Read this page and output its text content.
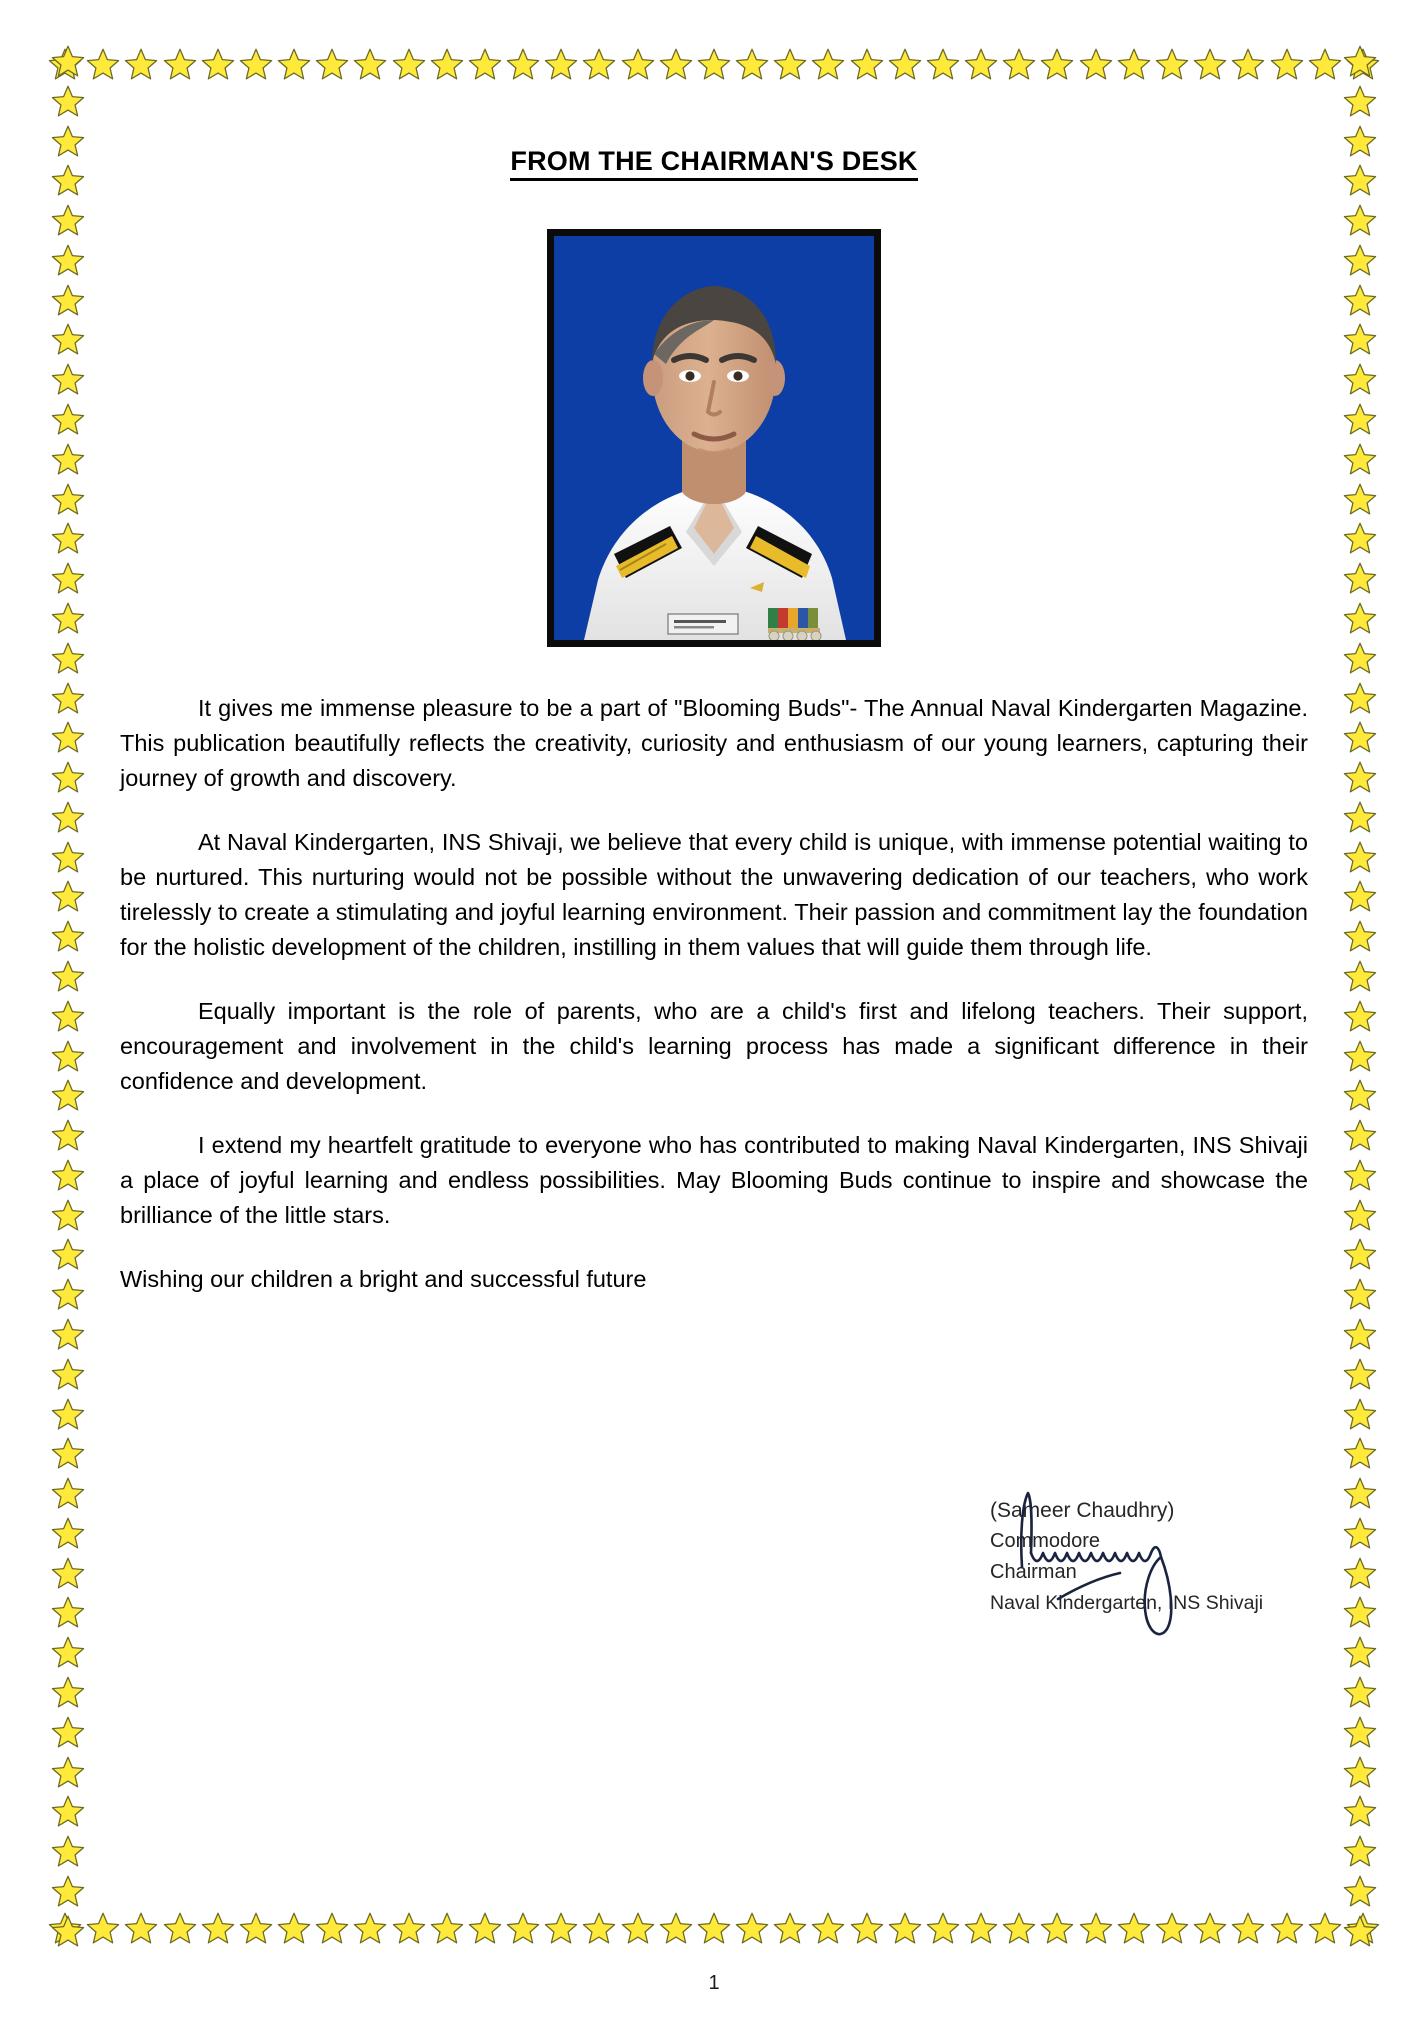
FROM THE CHAIRMAN'S DESK

It gives me immense pleasure to be a part of "Blooming Buds"- The Annual Naval Kindergarten Magazine. This publication beautifully reflects the creativity, curiosity and enthusiasm of our young learners, capturing their journey of growth and discovery.

At Naval Kindergarten, INS Shivaji, we believe that every child is unique, with immense potential waiting to be nurtured. This nurturing would not be possible without the unwavering dedication of our teachers, who work tirelessly to create a stimulating and joyful learning environment. Their passion and commitment lay the foundation for the holistic development of the children, instilling in them values that will guide them through life.

Equally important is the role of parents, who are a child's first and lifelong teachers. Their support, encouragement and involvement in the child's learning process has made a significant difference in their confidence and development.

I extend my heartfelt gratitude to everyone who has contributed to making Naval Kindergarten, INS Shivaji a place of joyful learning and endless possibilities. May Blooming Buds continue to inspire and showcase the brilliance of the little stars.

Wishing our children a bright and successful future

(Sameer Chaudhry)
Commodore
Chairman
Naval Kindergarten, INS Shivaji
1
